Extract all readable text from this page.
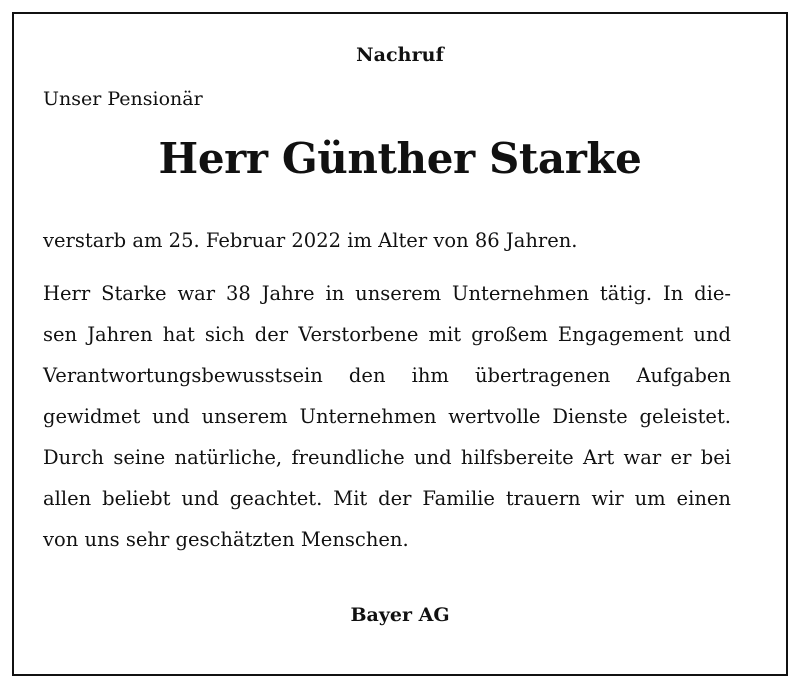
Nachruf
Unser Pensionär
Herr Günther Starke
verstarb am 25. Februar 2022 im Alter von 86 Jahren.
Herr Starke war 38 Jahre in unserem Unternehmen tätig. In die-
sen Jahren hat sich der Verstorbene mit großem Engagement und
Verantwortungsbewusstsein den ihm übertragenen Aufgaben
gewidmet und unserem Unternehmen wertvolle Dienste geleistet.
Durch seine natürliche, freundliche und hilfsbereite Art war er bei
allen beliebt und geachtet. Mit der Familie trauern wir um einen
von uns sehr geschätzten Menschen.
Bayer AG
